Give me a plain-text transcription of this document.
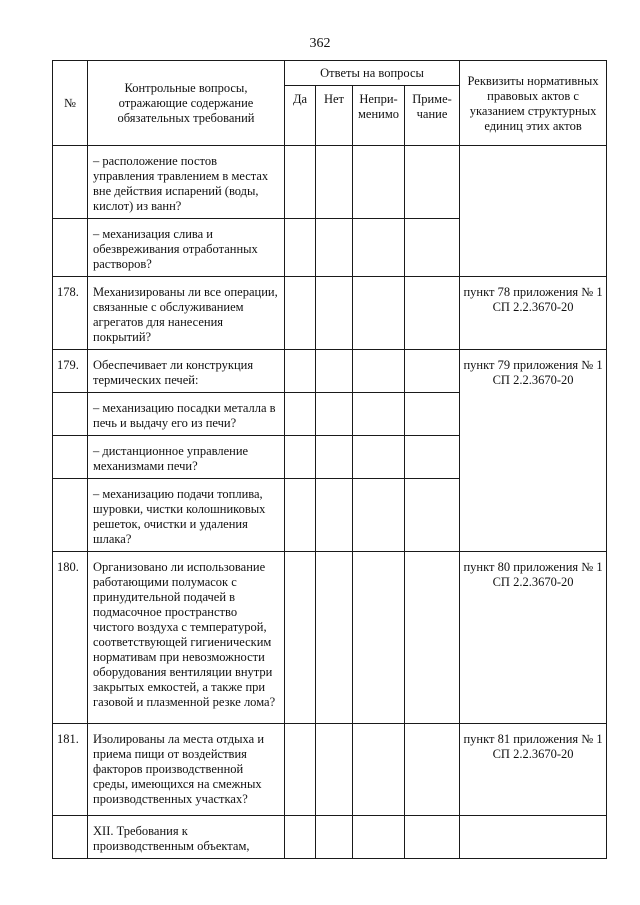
362
№	Контрольные вопросы, отражающие содержание обязательных требований	Ответы на вопросы				Реквизиты нормативных правовых актов с указанием структурных единиц этих актов
		Да	Нет	Непри-менимо	Приме-чание	
	– расположение постов управления травлением в местах вне действия испарений (воды, кислот) из ванн?					
	– механизация слива и обезвреживания отработанных растворов?					
178.	Механизированы ли все операции, связанные с обслуживанием агрегатов для нанесения покрытий?					пункт 78 приложения № 1 СП 2.2.3670-20
179.	Обеспечивает ли конструкция термических печей:					пункт 79 приложения № 1 СП 2.2.3670-20
	– механизацию посадки металла в печь и выдачу его из печи?					
	– дистанционное управление механизмами печи?					
	– механизацию подачи топлива, шуровки, чистки колошниковых решеток, очистки и удаления шлака?					
180.	Организовано ли использование работающими полумасок с принудительной подачей в подмасочное пространство чистого воздуха с температурой, соответствующей гигиеническим нормативам при невозможности оборудования вентиляции внутри закрытых емкостей, а также при газовой и плазменной резке лома?					пункт 80 приложения № 1 СП 2.2.3670-20
181.	Изолированы ла места отдыха и приема пищи от воздействия факторов производственной среды, имеющихся на смежных производственных участках?					пункт 81 приложения № 1 СП 2.2.3670-20
	XII. Требования к производственным объектам,					
